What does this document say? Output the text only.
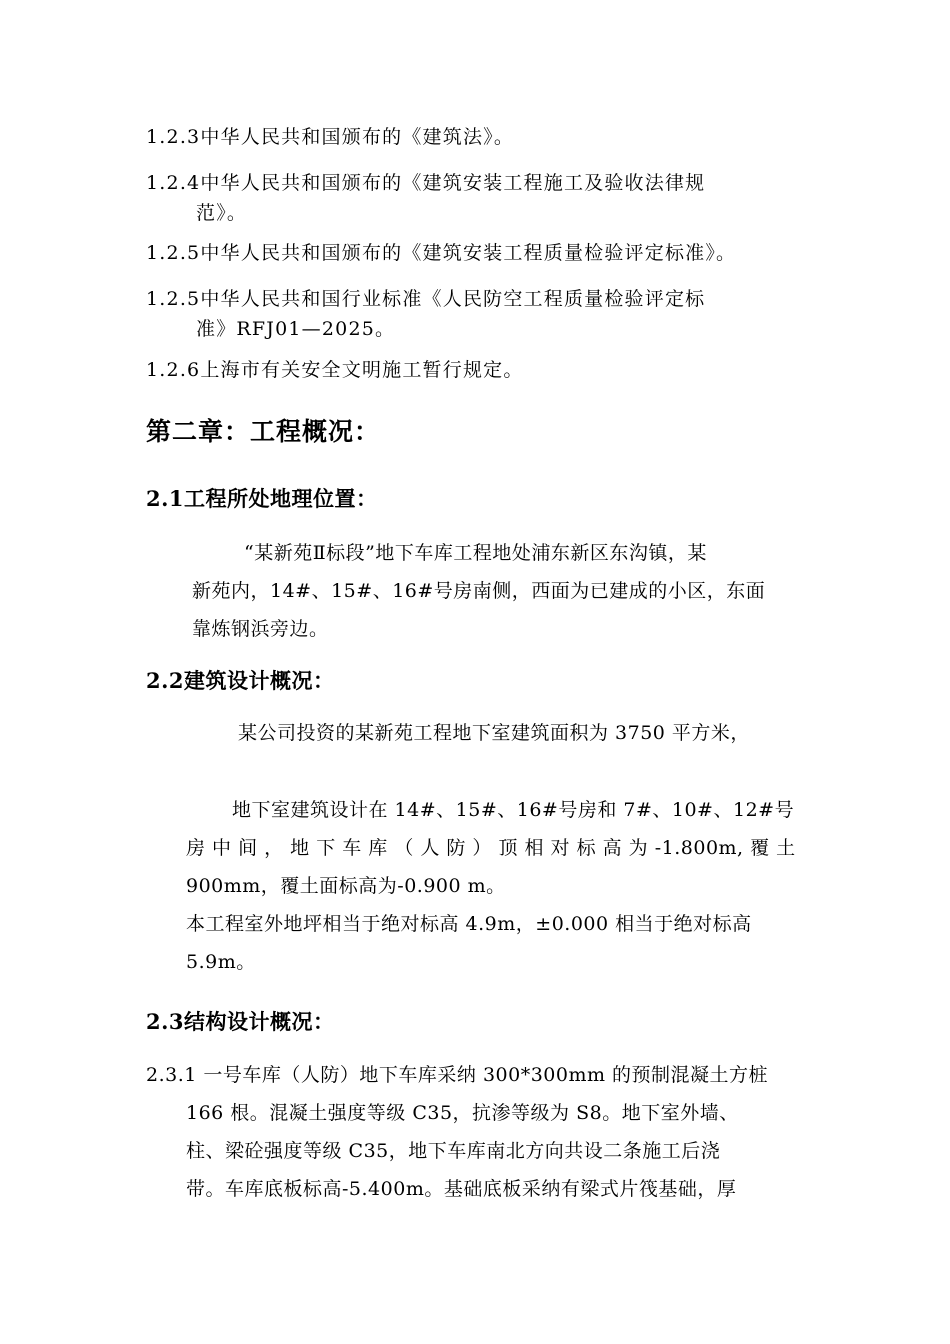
1.2.3中华人民共和国颁布的《建筑法》。
1.2.4中华人民共和国颁布的《建筑安装工程施工及验收法律规
范》。
1.2.5中华人民共和国颁布的《建筑安装工程质量检验评定标准》。
1.2.5中华人民共和国行业标准《人民防空工程质量检验评定标
准》RFJ01—2025。
1.2.6上海市有关安全文明施工暂行规定。
第二章：工程概况：
2.1工程所处地理位置：
“某新苑Ⅱ标段”地下车库工程地处浦东新区东沟镇，某
新苑内，14#、15#、16#号房南侧，西面为已建成的小区，东面
靠炼钢浜旁边。
2.2建筑设计概况：
某公司投资的某新苑工程地下室建筑面积为 3750 平方米，
地下室建筑设计在 14#、15#、16#号房和 7#、10#、12#号
房 中 间 ， 地 下 车 库 （ 人 防 ） 顶 相 对 标 高 为 -1.800m, 覆 土
900mm，覆土面标高为-0.900 m。
本工程室外地坪相当于绝对标高 4.9m，±0.000 相当于绝对标高
5.9m。
2.3结构设计概况：
2.3.1 一号车库（人防）地下车库采纳 300*300mm 的预制混凝土方桩
166 根。混凝土强度等级 C35，抗渗等级为 S8。地下室外墙、
柱、梁砼强度等级 C35，地下车库南北方向共设二条施工后浇
带。车库底板标高-5.400m。基础底板采纳有梁式片筏基础，厚
